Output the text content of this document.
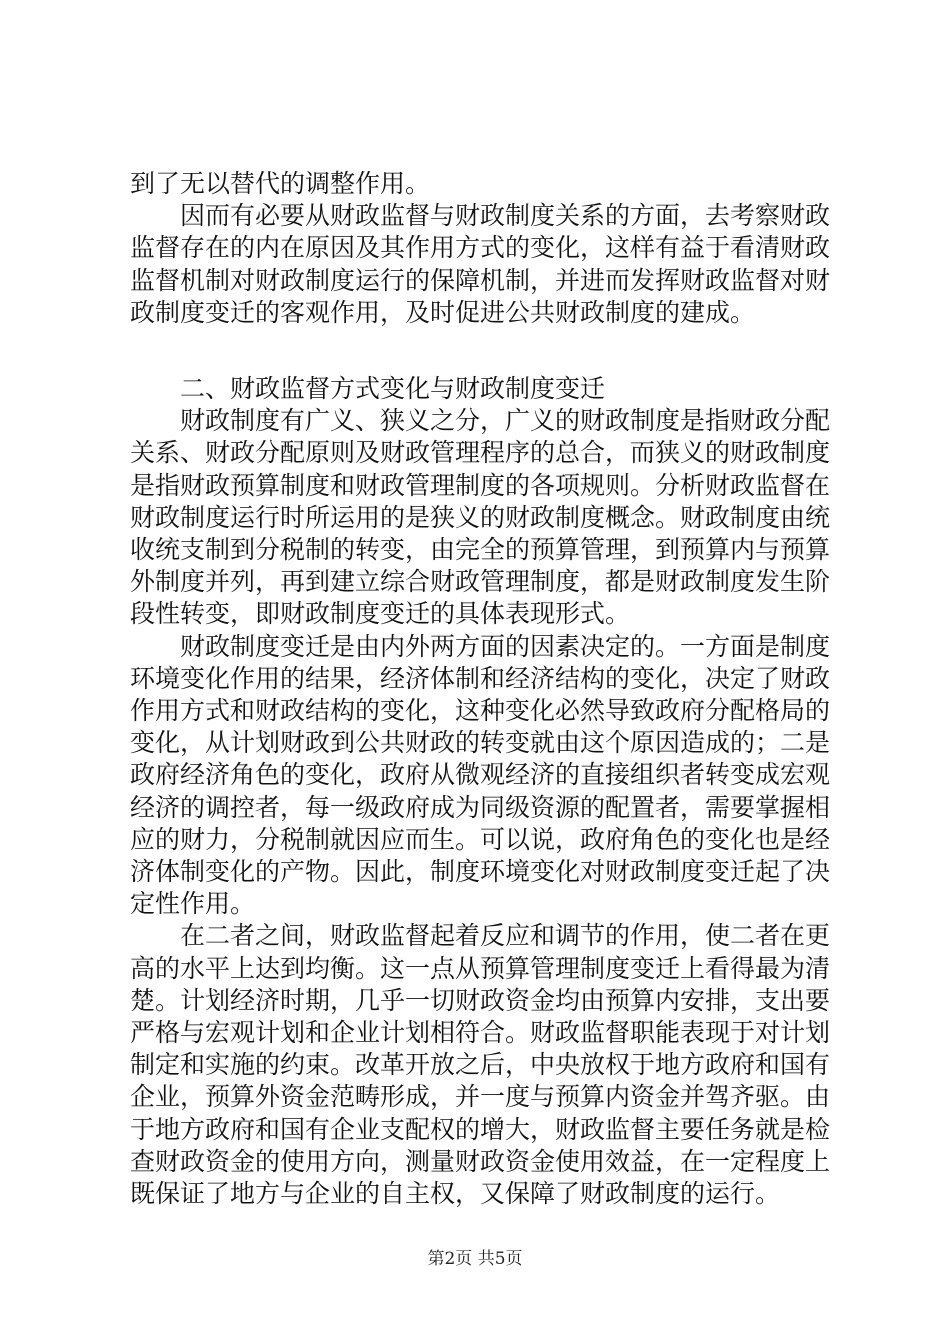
到了无以替代的调整作用。

因而有必要从财政监督与财政制度关系的方面，去考察财政监督存在的内在原因及其作用方式的变化，这样有益于看清财政监督机制对财政制度运行的保障机制，并进而发挥财政监督对财政制度变迁的客观作用，及时促进公共财政制度的建成。

二、财政监督方式变化与财政制度变迁

财政制度有广义、狭义之分，广义的财政制度是指财政分配关系、财政分配原则及财政管理程序的总合，而狭义的财政制度是指财政预算制度和财政管理制度的各项规则。分析财政监督在财政制度运行时所运用的是狭义的财政制度概念。财政制度由统收统支制到分税制的转变，由完全的预算管理，到预算内与预算外制度并列，再到建立综合财政管理制度，都是财政制度发生阶段性转变，即财政制度变迁的具体表现形式。

财政制度变迁是由内外两方面的因素决定的。一方面是制度环境变化作用的结果，经济体制和经济结构的变化，决定了财政作用方式和财政结构的变化，这种变化必然导致政府分配格局的变化，从计划财政到公共财政的转变就由这个原因造成的；二是政府经济角色的变化，政府从微观经济的直接组织者转变成宏观经济的调控者，每一级政府成为同级资源的配置者，需要掌握相应的财力，分税制就因应而生。可以说，政府角色的变化也是经济体制变化的产物。因此，制度环境变化对财政制度变迁起了决定性作用。

在二者之间，财政监督起着反应和调节的作用，使二者在更高的水平上达到均衡。这一点从预算管理制度变迁上看得最为清楚。计划经济时期，几乎一切财政资金均由预算内安排，支出要严格与宏观计划和企业计划相符合。财政监督职能表现于对计划制定和实施的约束。改革开放之后，中央放权于地方政府和国有企业，预算外资金范畴形成，并一度与预算内资金并驾齐驱。由于地方政府和国有企业支配权的增大，财政监督主要任务就是检查财政资金的使用方向，测量财政资金使用效益，在一定程度上既保证了地方与企业的自主权，又保障了财政制度的运行。

第2页 共5页
